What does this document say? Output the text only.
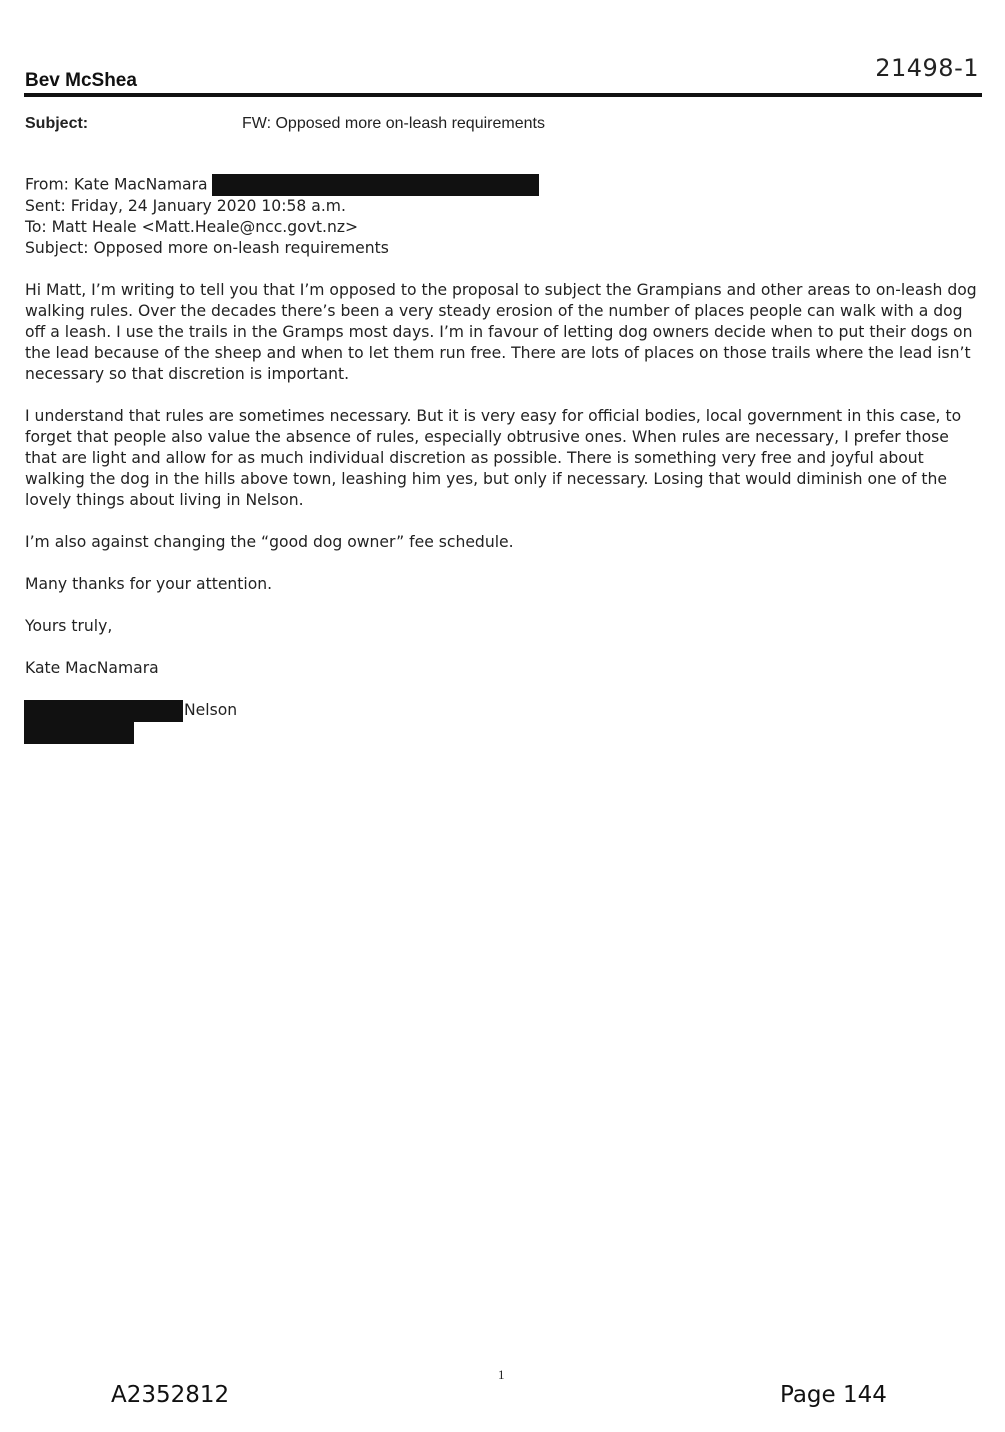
21498-1
Bev McShea
Subject:	FW: Opposed more on-leash requirements
From: Kate MacNamara
Sent: Friday, 24 January 2020 10:58 a.m.
To: Matt Heale <Matt.Heale@ncc.govt.nz>
Subject: Opposed more on-leash requirements

Hi Matt, I’m writing to tell you that I’m opposed to the proposal to subject the Grampians and other areas to on-leash dog walking rules. Over the decades there’s been a very steady erosion of the number of places people can walk with a dog off a leash. I use the trails in the Gramps most days. I’m in favour of letting dog owners decide when to put their dogs on the lead because of the sheep and when to let them run free. There are lots of places on those trails where the lead isn’t necessary so that discretion is important.

I understand that rules are sometimes necessary. But it is very easy for official bodies, local government in this case, to forget that people also value the absence of rules, especially obtrusive ones. When rules are necessary, I prefer those that are light and allow for as much individual discretion as possible. There is something very free and joyful about walking the dog in the hills above town, leashing him yes, but only if necessary. Losing that would diminish one of the lovely things about living in Nelson.

I’m also against changing the “good dog owner” fee schedule.

Many thanks for your attention.

Yours truly,

Kate MacNamara

Nelson
1
A2352812	Page 144
